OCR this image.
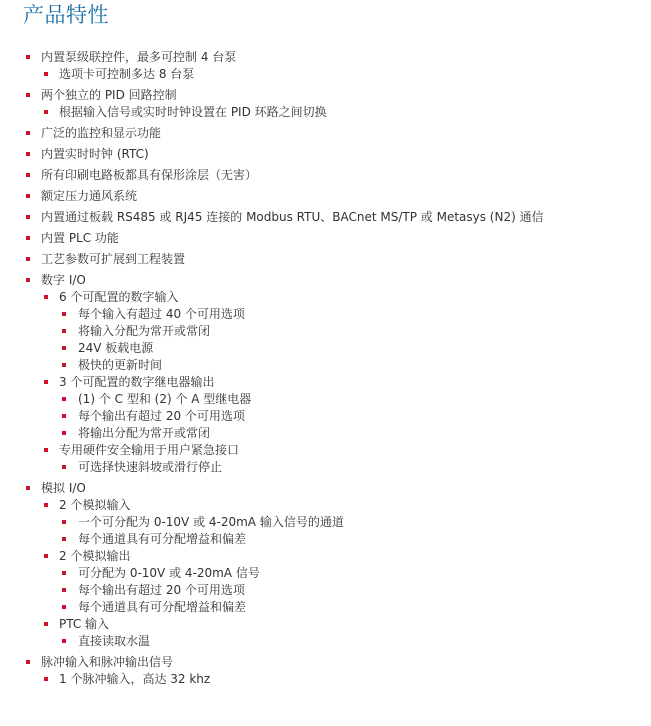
产品特性
内置泵级联控件，最多可控制 4 台泵
选项卡可控制多达 8 台泵
两个独立的 PID 回路控制
根据输入信号或实时时钟设置在 PID 环路之间切换
广泛的监控和显示功能
内置实时时钟 (RTC)
所有印刷电路板都具有保形涂层（无害）
额定压力通风系统
内置通过板载 RS485 或 RJ45 连接的 Modbus RTU、BACnet MS/TP 或 Metasys (N2) 通信
内置 PLC 功能
工艺参数可扩展到工程装置
数字 I/O
6 个可配置的数字输入
每个输入有超过 40 个可用选项
将输入分配为常开或常闭
24V 板载电源
极快的更新时间
3 个可配置的数字继电器输出
(1) 个 C 型和 (2) 个 A 型继电器
每个输出有超过 20 个可用选项
将输出分配为常开或常闭
专用硬件安全输用于用户紧急接口
可选择快速斜坡或滑行停止
模拟 I/O
2 个模拟输入
一个可分配为 0-10V 或 4-20mA 输入信号的通道
每个通道具有可分配增益和偏差
2 个模拟输出
可分配为 0-10V 或 4-20mA 信号
每个输出有超过 20 个可用选项
每个通道具有可分配增益和偏差
PTC 输入
直接读取水温
脉冲输入和脉冲输出信号
1 个脉冲输入，高达 32 khz
